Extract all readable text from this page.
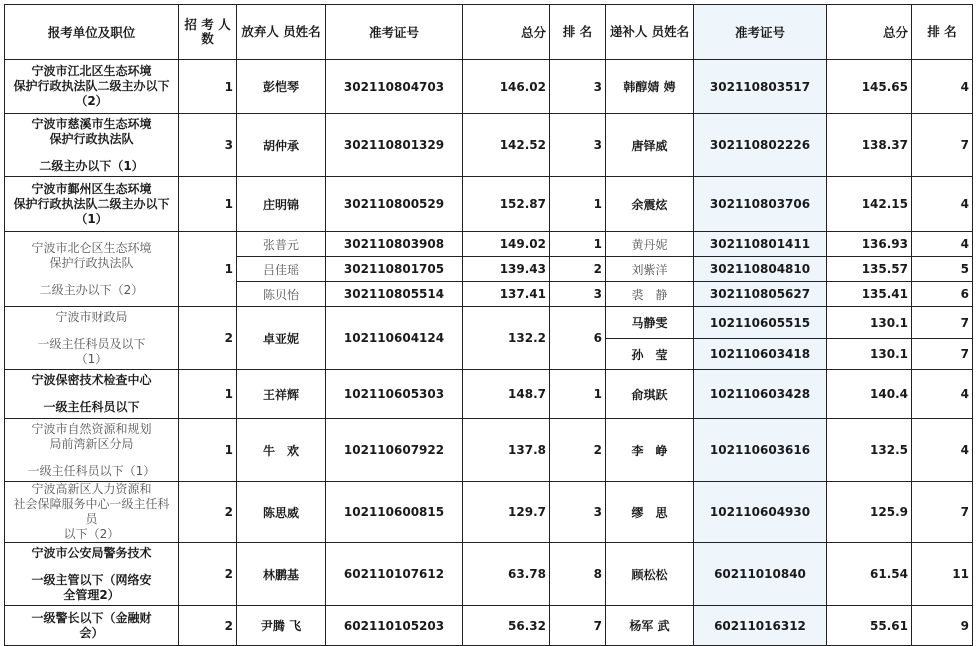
报考单位及职位	招 考 人数	放弃人 员姓名	准考证号	总分	排 名	递补人 员姓名	准考证号	总分	排 名

宁波市江北区生态环境
保护行政执法队二级主办以下
（2）	1	彭恺琴	302110804703	146.02	3	韩醇婧 娉	302110803517	145.65	4

宁波市慈溪市生态环境
保护行政执法队
二级主办以下（1）	3	胡仲承	302110801329	142.52	3	唐铎威	302110802226	138.37	7

宁波市鄞州区生态环境
保护行政执法队二级主办以下
（1）	1	庄明锦	302110800529	152.87	1	余震炫	302110803706	142.15	4

宁波市北仑区生态环境
保护行政执法队
二级主办以下（2）	1	张普元	302110803908	149.02	1	黄丹妮	302110801411	136.93	4
		吕佳瑶	302110801705	139.43	2	刘紫洋	302110804810	135.57	5
		陈贝怡	302110805514	137.41	3	裘　静	302110805627	135.41	6

宁波市财政局
一级主任科员及以下
（1）	2	卓亚妮	102110604124	132.2	6	马静雯	102110605515	130.1	7
						孙　莹	102110603418	130.1	7

宁波保密技术检查中心
一级主任科员以下	1	王祥辉	102110605303	148.7	1	俞琪跃	102110603428	140.4	4

宁波市自然资源和规划
局前湾新区分局
一级主任科员以下（1）	1	牛　欢	102110607922	137.8	2	李　峥	102110603616	132.5	4

宁波高新区人力资源和
社会保障服务中心一级主任科员
以下（2）	2	陈思威	102110600815	129.7	3	缪　思	102110604930	125.9	7

宁波市公安局警务技术
一级主管以下（网络安
全管理2）	2	林鹏基	602110107612	63.78	8	顾松松	60211010840	61.54	11

一级警长以下（金融财
会）	2	尹腾 飞	602110105203	56.32	7	杨军 武	60211016312	55.61	9
